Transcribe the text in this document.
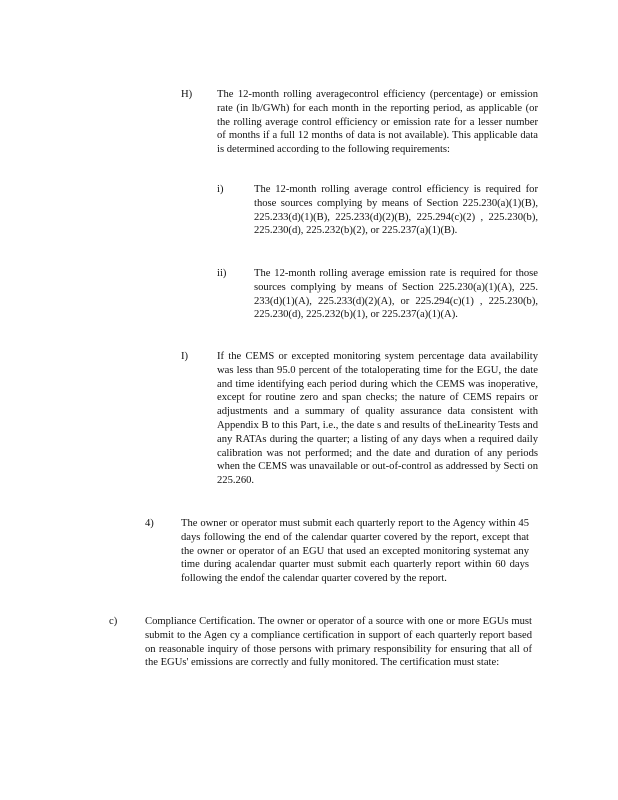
H) The 12-month rolling averagecontrol efficiency (percentage) or emission rate (in lb/GWh) for each month in the reporting period, as applicable (or the rolling average control efficiency or emission rate for a lesser number of months if a full 12 months of data is not available). This applicable data is determined according to the following requirements:
i)	The 12-month rolling average control efficiency is required for those sources complying by means of Section 225.230(a)(1)(B), 225.233(d)(1)(B), 225.233(d)(2)(B), 225.294(c)(2) , 225.230(b), 225.230(d), 225.232(b)(2), or 225.237(a)(1)(B).
ii)	The 12-month rolling average emission rate is required for those sources complying by means of Section 225.230(a)(1)(A), 225. 233(d)(1)(A), 225.233(d)(2)(A), or 225.294(c)(1) , 225.230(b), 225.230(d), 225.232(b)(1), or 225.237(a)(1)(A).
I)	If the CEMS or excepted monitoring system percentage data availability was less than 95.0 percent of the totaloperating time for the EGU, the date and time identifying each period during which the CEMS was inoperative, except for routine zero and span checks; the nature of CEMS repairs or adjustments and a summary of quality assurance data consistent with Appendix B to this Part, i.e., the date s and results of theLinearity Tests and any RATAs during the quarter; a listing of any days when a required daily calibration was not performed; and the date and duration of any periods when the CEMS was unavailable or out-of-control as addressed by Secti on 225.260.
4)	The owner or operator must submit each quarterly report to the Agency within 45 days following the end of the calendar quarter covered by the report, except that the owner or operator of an EGU that used an excepted monitoring systemat any time during acalendar quarter must submit each quarterly report within 60 days following the endof the calendar quarter covered by the report.
c)	Compliance Certification. The owner or operator of a source with one or more EGUs must submit to the Agen cy a compliance certification in support of each quarterly report based on reasonable inquiry of those persons with primary responsibility for ensuring that all of the EGUs' emissions are correctly and fully monitored. The certification must state:
